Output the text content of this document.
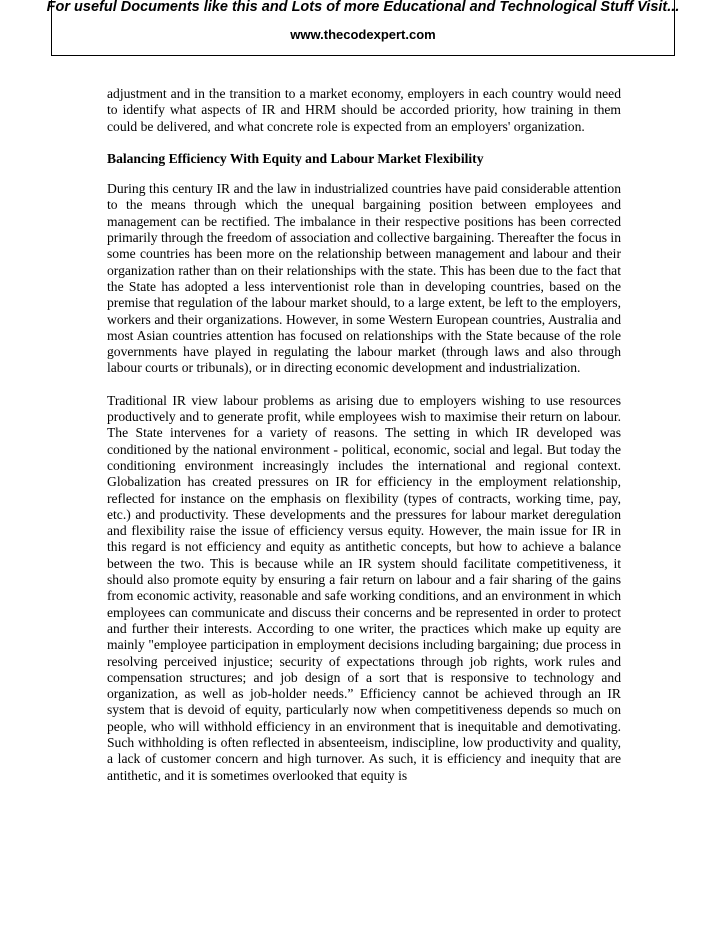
For useful Documents like this and Lots of more Educational and Technological Stuff Visit...
www.thecodexpert.com

adjustment and in the transition to a market economy, employers in each country would need to identify what aspects of IR and HRM should be accorded priority, how training in them could be delivered, and what concrete role is expected from an employers' organization.

Balancing Efficiency With Equity and Labour Market Flexibility

During this century IR and the law in industrialized countries have paid considerable attention to the means through which the unequal bargaining position between employees and management can be rectified. The imbalance in their respective positions has been corrected primarily through the freedom of association and collective bargaining. Thereafter the focus in some countries has been more on the relationship between management and labour and their organization rather than on their relationships with the state. This has been due to the fact that the State has adopted a less interventionist role than in developing countries, based on the premise that regulation of the labour market should, to a large extent, be left to the employers, workers and their organizations. However, in some Western European countries, Australia and most Asian countries attention has focused on relationships with the State because of the role governments have played in regulating the labour market (through laws and also through labour courts or tribunals), or in directing economic development and industrialization.

Traditional IR view labour problems as arising due to employers wishing to use resources productively and to generate profit, while employees wish to maximise their return on labour. The State intervenes for a variety of reasons. The setting in which IR developed was conditioned by the national environment - political, economic, social and legal. But today the conditioning environment increasingly includes the international and regional context. Globalization has created pressures on IR for efficiency in the employment relationship, reflected for instance on the emphasis on flexibility (types of contracts, working time, pay, etc.) and productivity. These developments and the pressures for labour market deregulation and flexibility raise the issue of efficiency versus equity. However, the main issue for IR in this regard is not efficiency and equity as antithetic concepts, but how to achieve a balance between the two. This is because while an IR system should facilitate competitiveness, it should also promote equity by ensuring a fair return on labour and a fair sharing of the gains from economic activity, reasonable and safe working conditions, and an environment in which employees can communicate and discuss their concerns and be represented in order to protect and further their interests. According to one writer, the practices which make up equity are mainly "employee participation in employment decisions including bargaining; due process in resolving perceived injustice; security of expectations through job rights, work rules and compensation structures; and job design of a sort that is responsive to technology and organization, as well as job-holder needs.” Efficiency cannot be achieved through an IR system that is devoid of equity, particularly now when competitiveness depends so much on people, who will withhold efficiency in an environment that is inequitable and demotivating. Such withholding is often reflected in absenteeism, indiscipline, low productivity and quality, a lack of customer concern and high turnover. As such, it is efficiency and inequity that are antithetic, and it is sometimes overlooked that equity is
